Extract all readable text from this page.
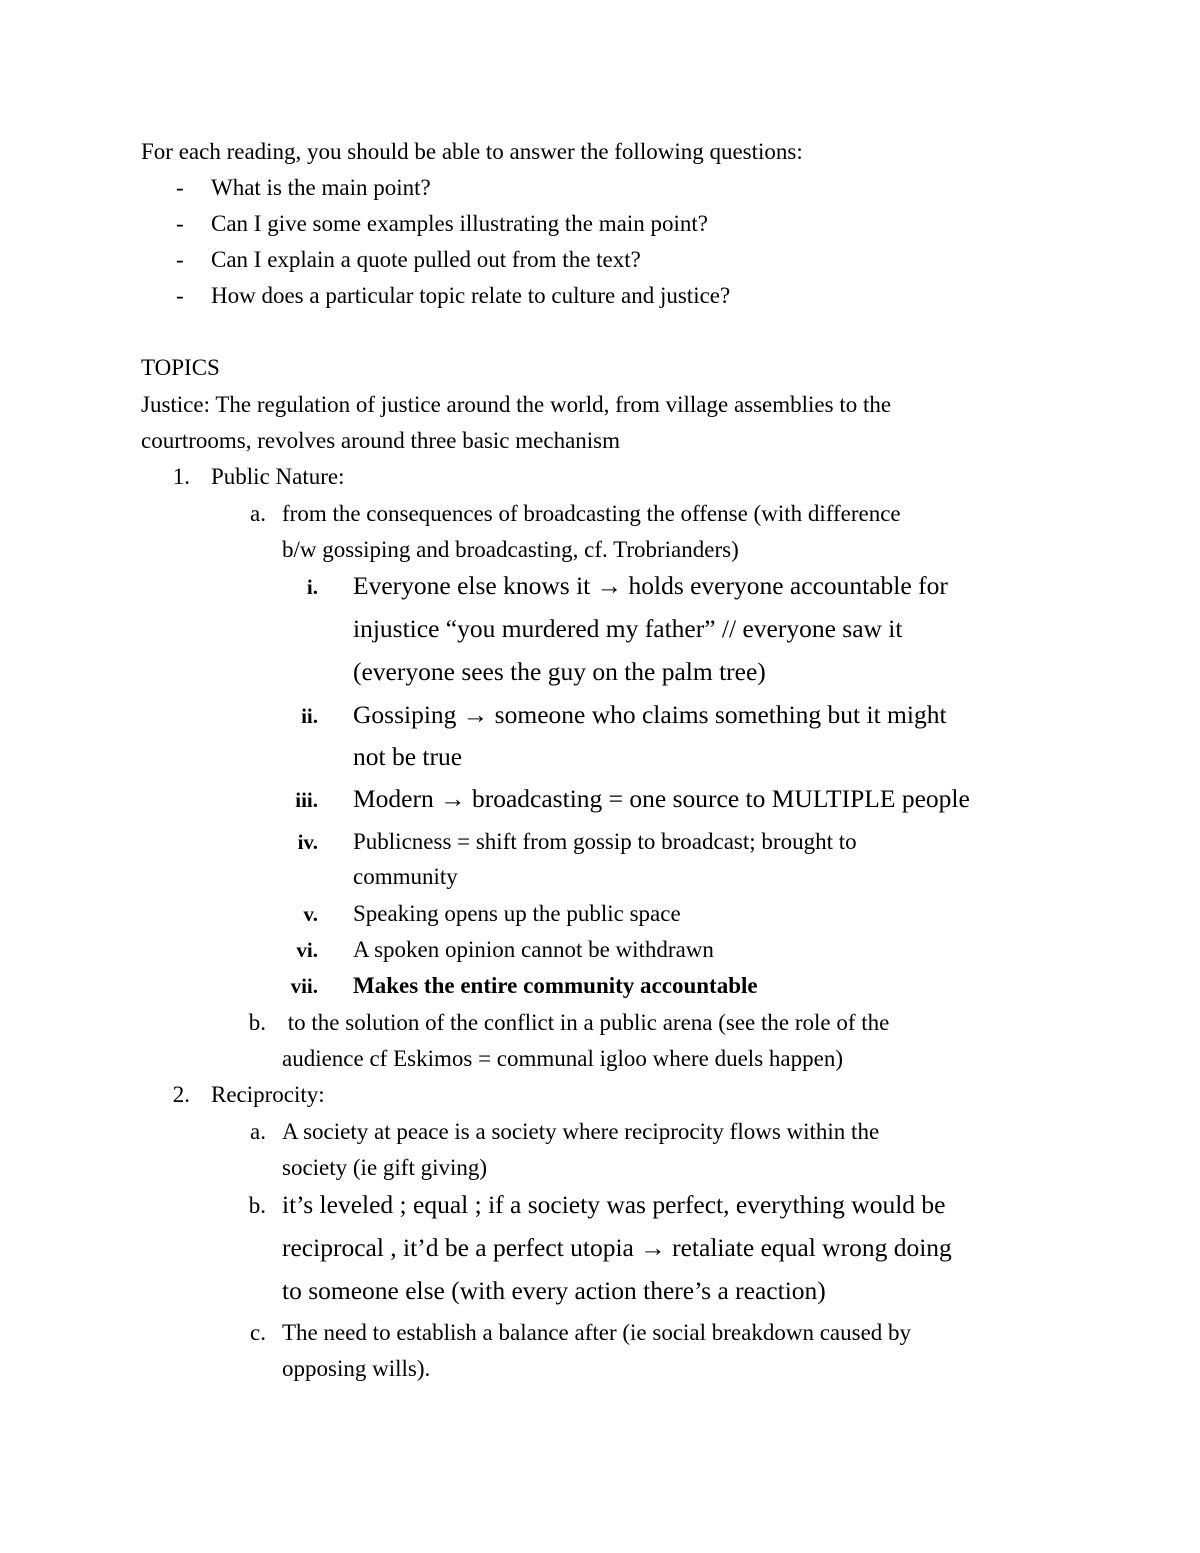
For each reading, you should be able to answer the following questions:
- What is the main point?
- Can I give some examples illustrating the main point?
- Can I explain a quote pulled out from the text?
- How does a particular topic relate to culture and justice?
TOPICS
Justice: The regulation of justice around the world, from village assemblies to the
courtrooms, revolves around three basic mechanism
1. Public Nature:
a. from the consequences of broadcasting the offense (with difference
b/w gossiping and broadcasting, cf. Trobrianders)
i. Everyone else knows it → holds everyone accountable for
injustice “you murdered my father” // everyone saw it
(everyone sees the guy on the palm tree)
ii. Gossiping → someone who claims something but it might
not be true
iii. Modern → broadcasting = one source to MULTIPLE people
iv. Publicness = shift from gossip to broadcast; brought to
community
v. Speaking opens up the public space
vi. A spoken opinion cannot be withdrawn
vii. Makes the entire community accountable
b. to the solution of the conflict in a public arena (see the role of the
audience cf Eskimos = communal igloo where duels happen)
2. Reciprocity:
a. A society at peace is a society where reciprocity flows within the
society (ie gift giving)
b. it’s leveled ; equal ; if a society was perfect, everything would be
reciprocal , it’d be a perfect utopia → retaliate equal wrong doing
to someone else (with every action there’s a reaction)
c. The need to establish a balance after (ie social breakdown caused by
opposing wills).
